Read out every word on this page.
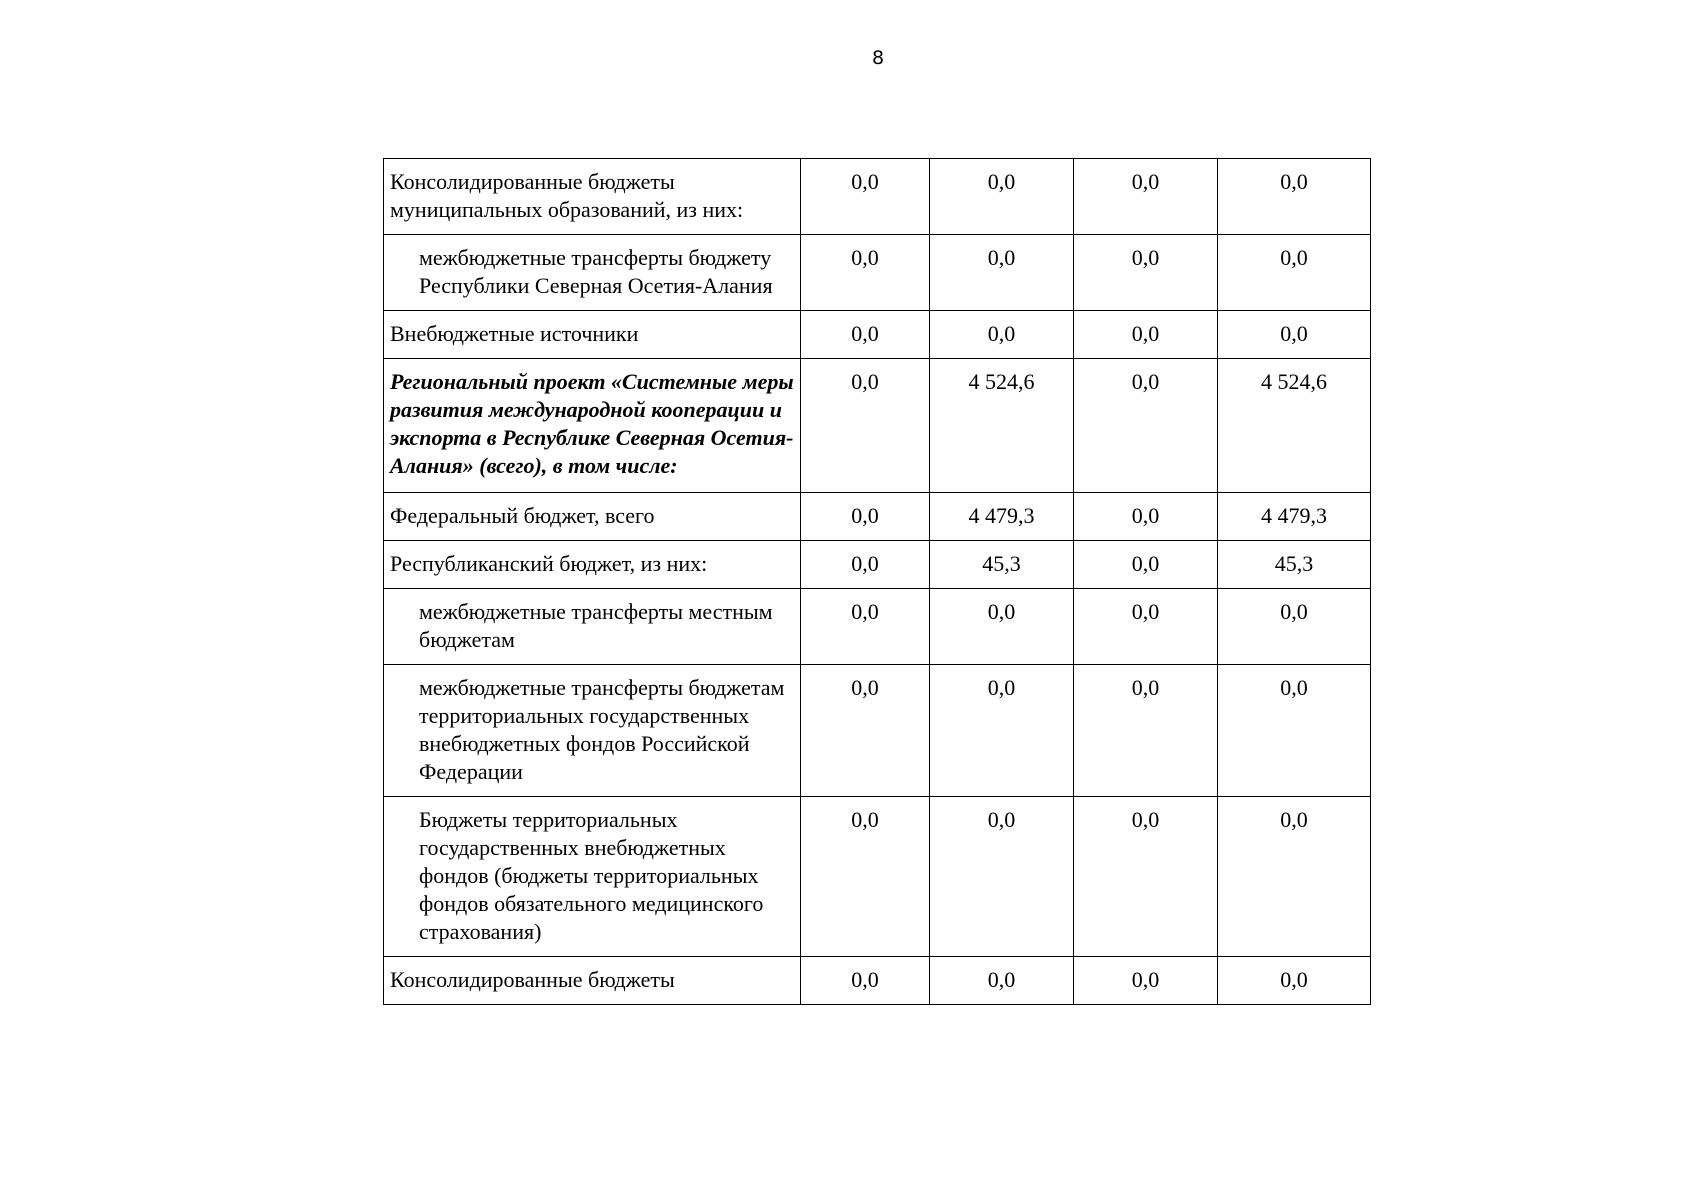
8
Консолидированные бюджеты муниципальных образований, из них:	0,0	0,0	0,0	0,0
межбюджетные трансферты бюджету Республики Северная Осетия-Алания	0,0	0,0	0,0	0,0
Внебюджетные источники	0,0	0,0	0,0	0,0
Региональный проект «Системные меры развития международной кооперации и экспорта в Республике Северная Осетия-Алания» (всего), в том числе:	0,0	4 524,6	0,0	4 524,6
Федеральный бюджет, всего	0,0	4 479,3	0,0	4 479,3
Республиканский бюджет, из них:	0,0	45,3	0,0	45,3
межбюджетные трансферты местным бюджетам	0,0	0,0	0,0	0,0
межбюджетные трансферты бюджетам территориальных государственных внебюджетных фондов Российской Федерации	0,0	0,0	0,0	0,0
Бюджеты территориальных государственных внебюджетных фондов (бюджеты территориальных фондов обязательного медицинского страхования)	0,0	0,0	0,0	0,0
Консолидированные бюджеты	0,0	0,0	0,0	0,0
